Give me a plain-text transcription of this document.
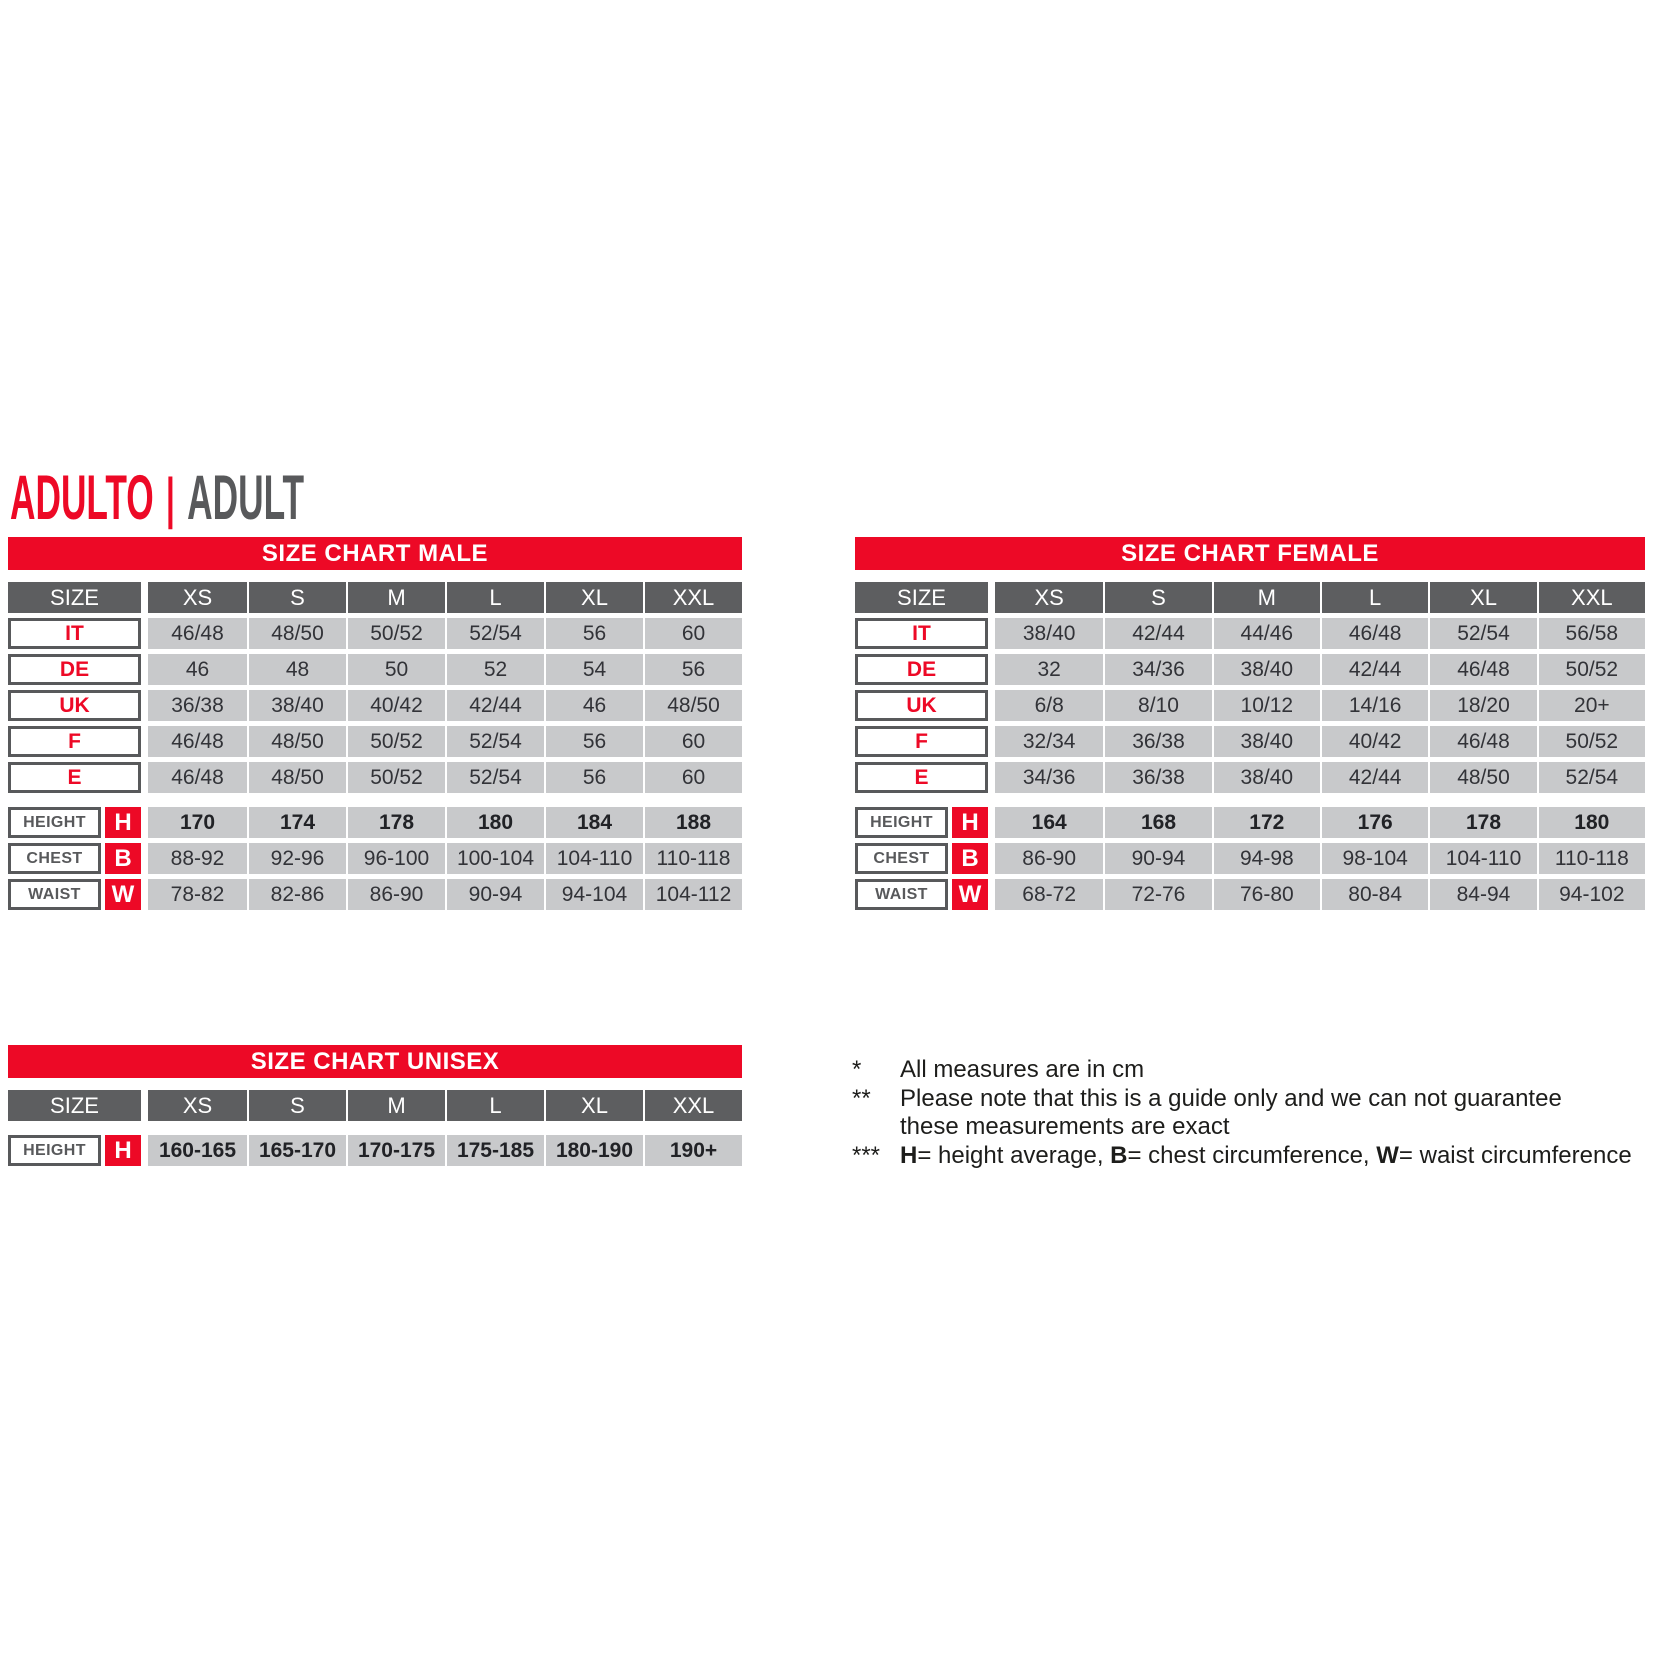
ADULTO | ADULT
SIZE CHART MALE
SIZE	XS	S	M	L	XL	XXL
IT	46/48	48/50	50/52	52/54	56	60
DE	46	48	50	52	54	56
UK	36/38	38/40	40/42	42/44	46	48/50
F	46/48	48/50	50/52	52/54	56	60
E	46/48	48/50	50/52	52/54	56	60
HEIGHT	H	170	174	178	180	184	188
CHEST	B	88-92	92-96	96-100	100-104	104-110	110-118
WAIST	W	78-82	82-86	86-90	90-94	94-104	104-112
SIZE CHART FEMALE
SIZE	XS	S	M	L	XL	XXL
IT	38/40	42/44	44/46	46/48	52/54	56/58
DE	32	34/36	38/40	42/44	46/48	50/52
UK	6/8	8/10	10/12	14/16	18/20	20+
F	32/34	36/38	38/40	40/42	46/48	50/52
E	34/36	36/38	38/40	42/44	48/50	52/54
HEIGHT	H	164	168	172	176	178	180
CHEST	B	86-90	90-94	94-98	98-104	104-110	110-118
WAIST	W	68-72	72-76	76-80	80-84	84-94	94-102
SIZE CHART UNISEX
SIZE	XS	S	M	L	XL	XXL
HEIGHT	H	160-165	165-170	170-175	175-185	180-190	190+
*	All measures are in cm
**	Please note that this is a guide only and we can not guarantee
these measurements are exact
*** H= height average, B= chest circumference, W= waist circumference
